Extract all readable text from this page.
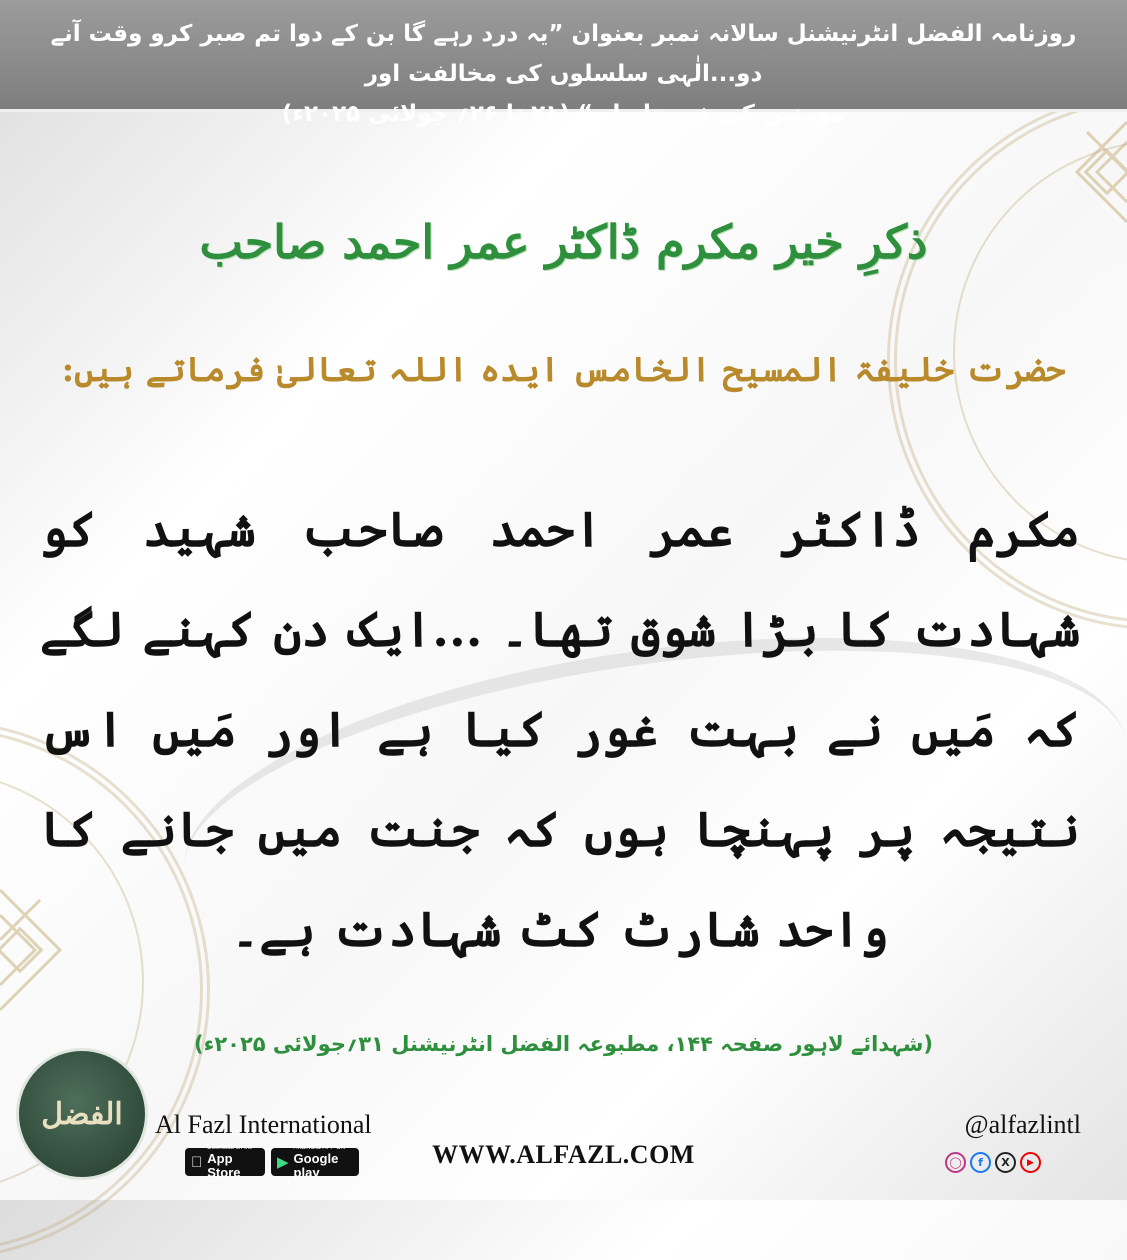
روزنامہ الفضل انٹرنیشنل سالانہ نمبر بعنوان ”یہ درد رہے گا بن کے دوا تم صبر کرو وقت آنے دو...الٰہی سلسلوں کی مخالفت اور
مومنین کی ذمہ داریاں“ (۲۱ تا ۲۶؍ جولائی ۲۰۲۵ء)
ذکرِ خیر مکرم ڈاکٹر عمر احمد صاحب
حضرت خلیفۃ المسیح الخامس ایدہ اللہ تعالیٰ فرماتے ہیں:
مکرم ڈاکٹر عمر احمد صاحب شہید کو شہادت کا بڑا شوق تھا۔ ...ایک دن کہنے لگے کہ مَیں نے بہت غور کیا ہے اور مَیں اس نتیجہ پر پہنچا ہوں کہ جنت میں جانے کا واحد شارٹ کٹ شہادت ہے۔
(شہدائے لاہور صفحہ ۱۴۴، مطبوعہ الفضل انٹرنیشنل ۳۱؍جولائی ۲۰۲۵ء)
الفضل Al Fazl International
Download on the
App Store ▶
ANDROID APP ON
Google play
WWW.ALFAZL.COM
@alfazlintl
◯	f	X	▶
